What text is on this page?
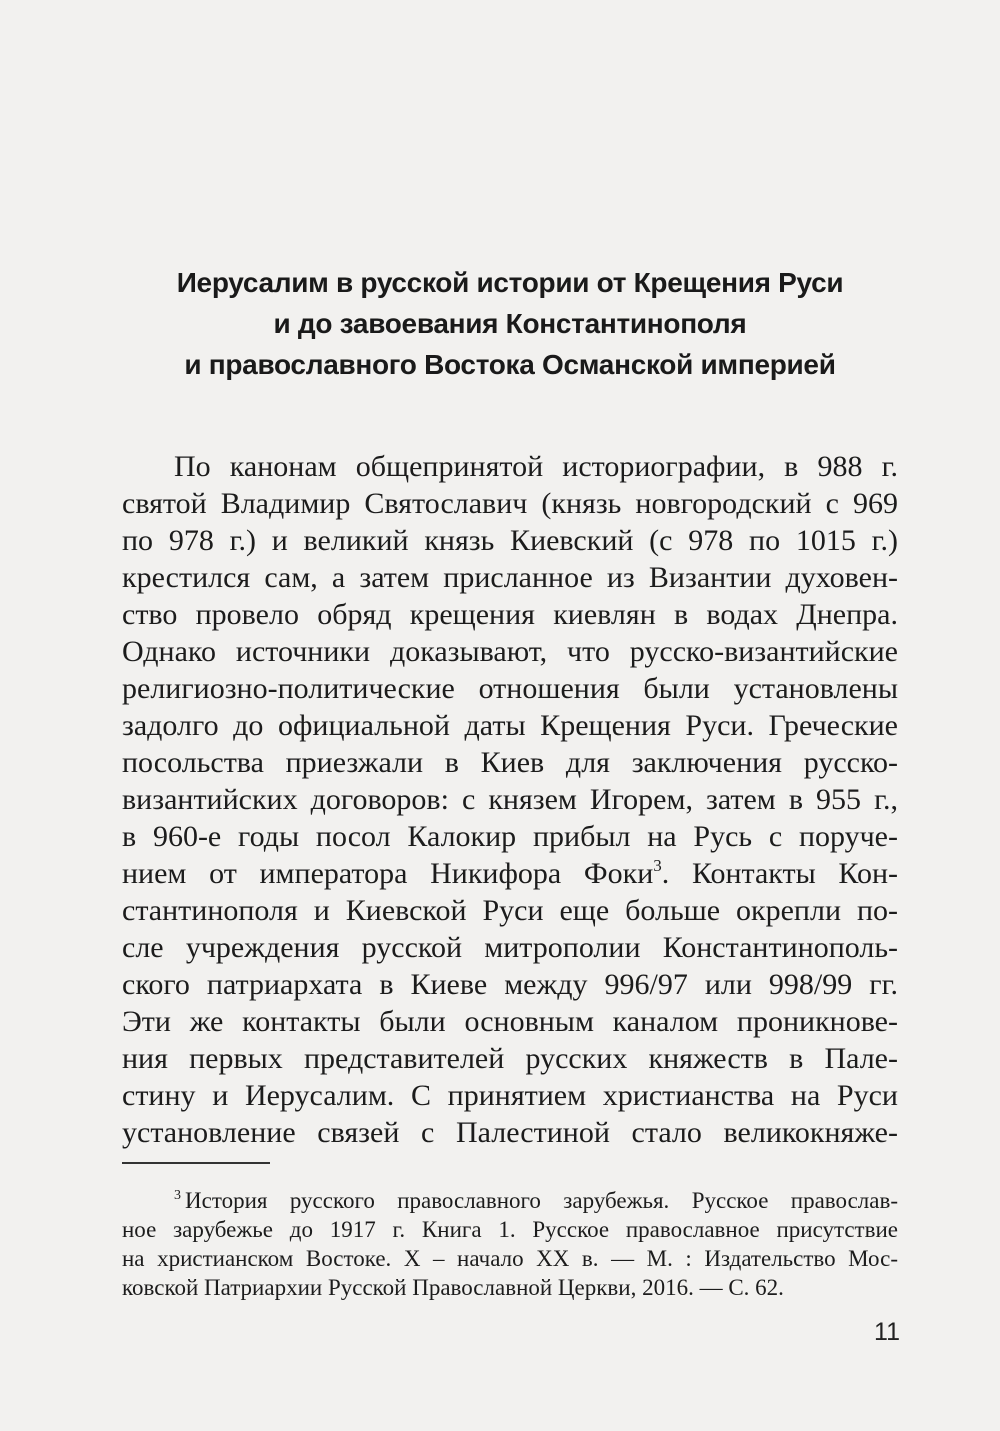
Иерусалим в русской истории от Крещения Руси
и до завоевания Константинополя
и православного Востока Османской империей
По канонам общепринятой историографии, в 988 г.
святой Владимир Святославич (князь новгородский с 969
по 978 г.) и великий князь Киевский (с 978 по 1015 г.)
крестился сам, а затем присланное из Византии духовен-
ство провело обряд крещения киевлян в водах Днепра.
Однако источники доказывают, что русско-византийские
религиозно-политические отношения были установлены
задолго до официальной даты Крещения Руси. Греческие
посольства приезжали в Киев для заключения русско-
византийских договоров: с князем Игорем, затем в 955 г.,
в 960-е годы посол Калокир прибыл на Русь с поруче-
нием от императора Никифора Фоки$^3$. Контакты Кон-
стантинополя и Киевской Руси еще больше окрепли по-
сле учреждения русской митрополии Константинополь-
ского патриархата в Киеве между 996/97 или 998/99 гг.
Эти же контакты были основным каналом проникнове-
ния первых представителей русских княжеств в Пале-
стину и Иерусалим. С принятием христианства на Руси
установление связей с Палестиной стало великокняже-
$^3$ История русского православного зарубежья. Русское православ-
ное зарубежье до 1917 г. Книга 1. Русское православное присутствие
на христианском Востоке. X – начало XX в. — М. : Издательство Мос-
ковской Патриархии Русской Православной Церкви, 2016. — С. 62.
11
